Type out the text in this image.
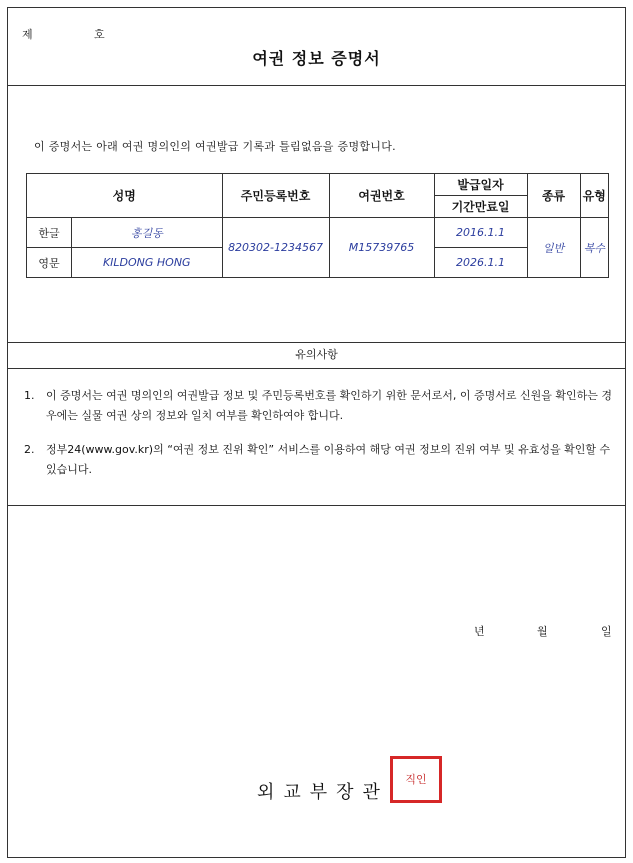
제	호
여권 정보 증명서
이 증명서는 아래 여권 명의인의 여권발급 기록과 틀림없음을 증명합니다.
성명		주민등록번호	여권번호	발급일자	종류	유형
				기간만료일		
한글	홍길동	820302-1234567	M15739765	2016.1.1	일반	복수
영문	KILDONG HONG			2026.1.1		
유의사항
1.	이 증명서는 여권 명의인의 여권발급 정보 및 주민등록번호를 확인하기 위한 문서로서, 이 증명서로 신원을 확인하는 경우에는 실물 여권 상의 정보와 일치 여부를 확인하여야 합니다.
2.	정부24(www.gov.kr)의 “여권 정보 진위 확인” 서비스를 이용하여 해당 여권 정보의 진위 여부 및 유효성을 확인할 수 있습니다.
년	월	일
외교부장관
직인
